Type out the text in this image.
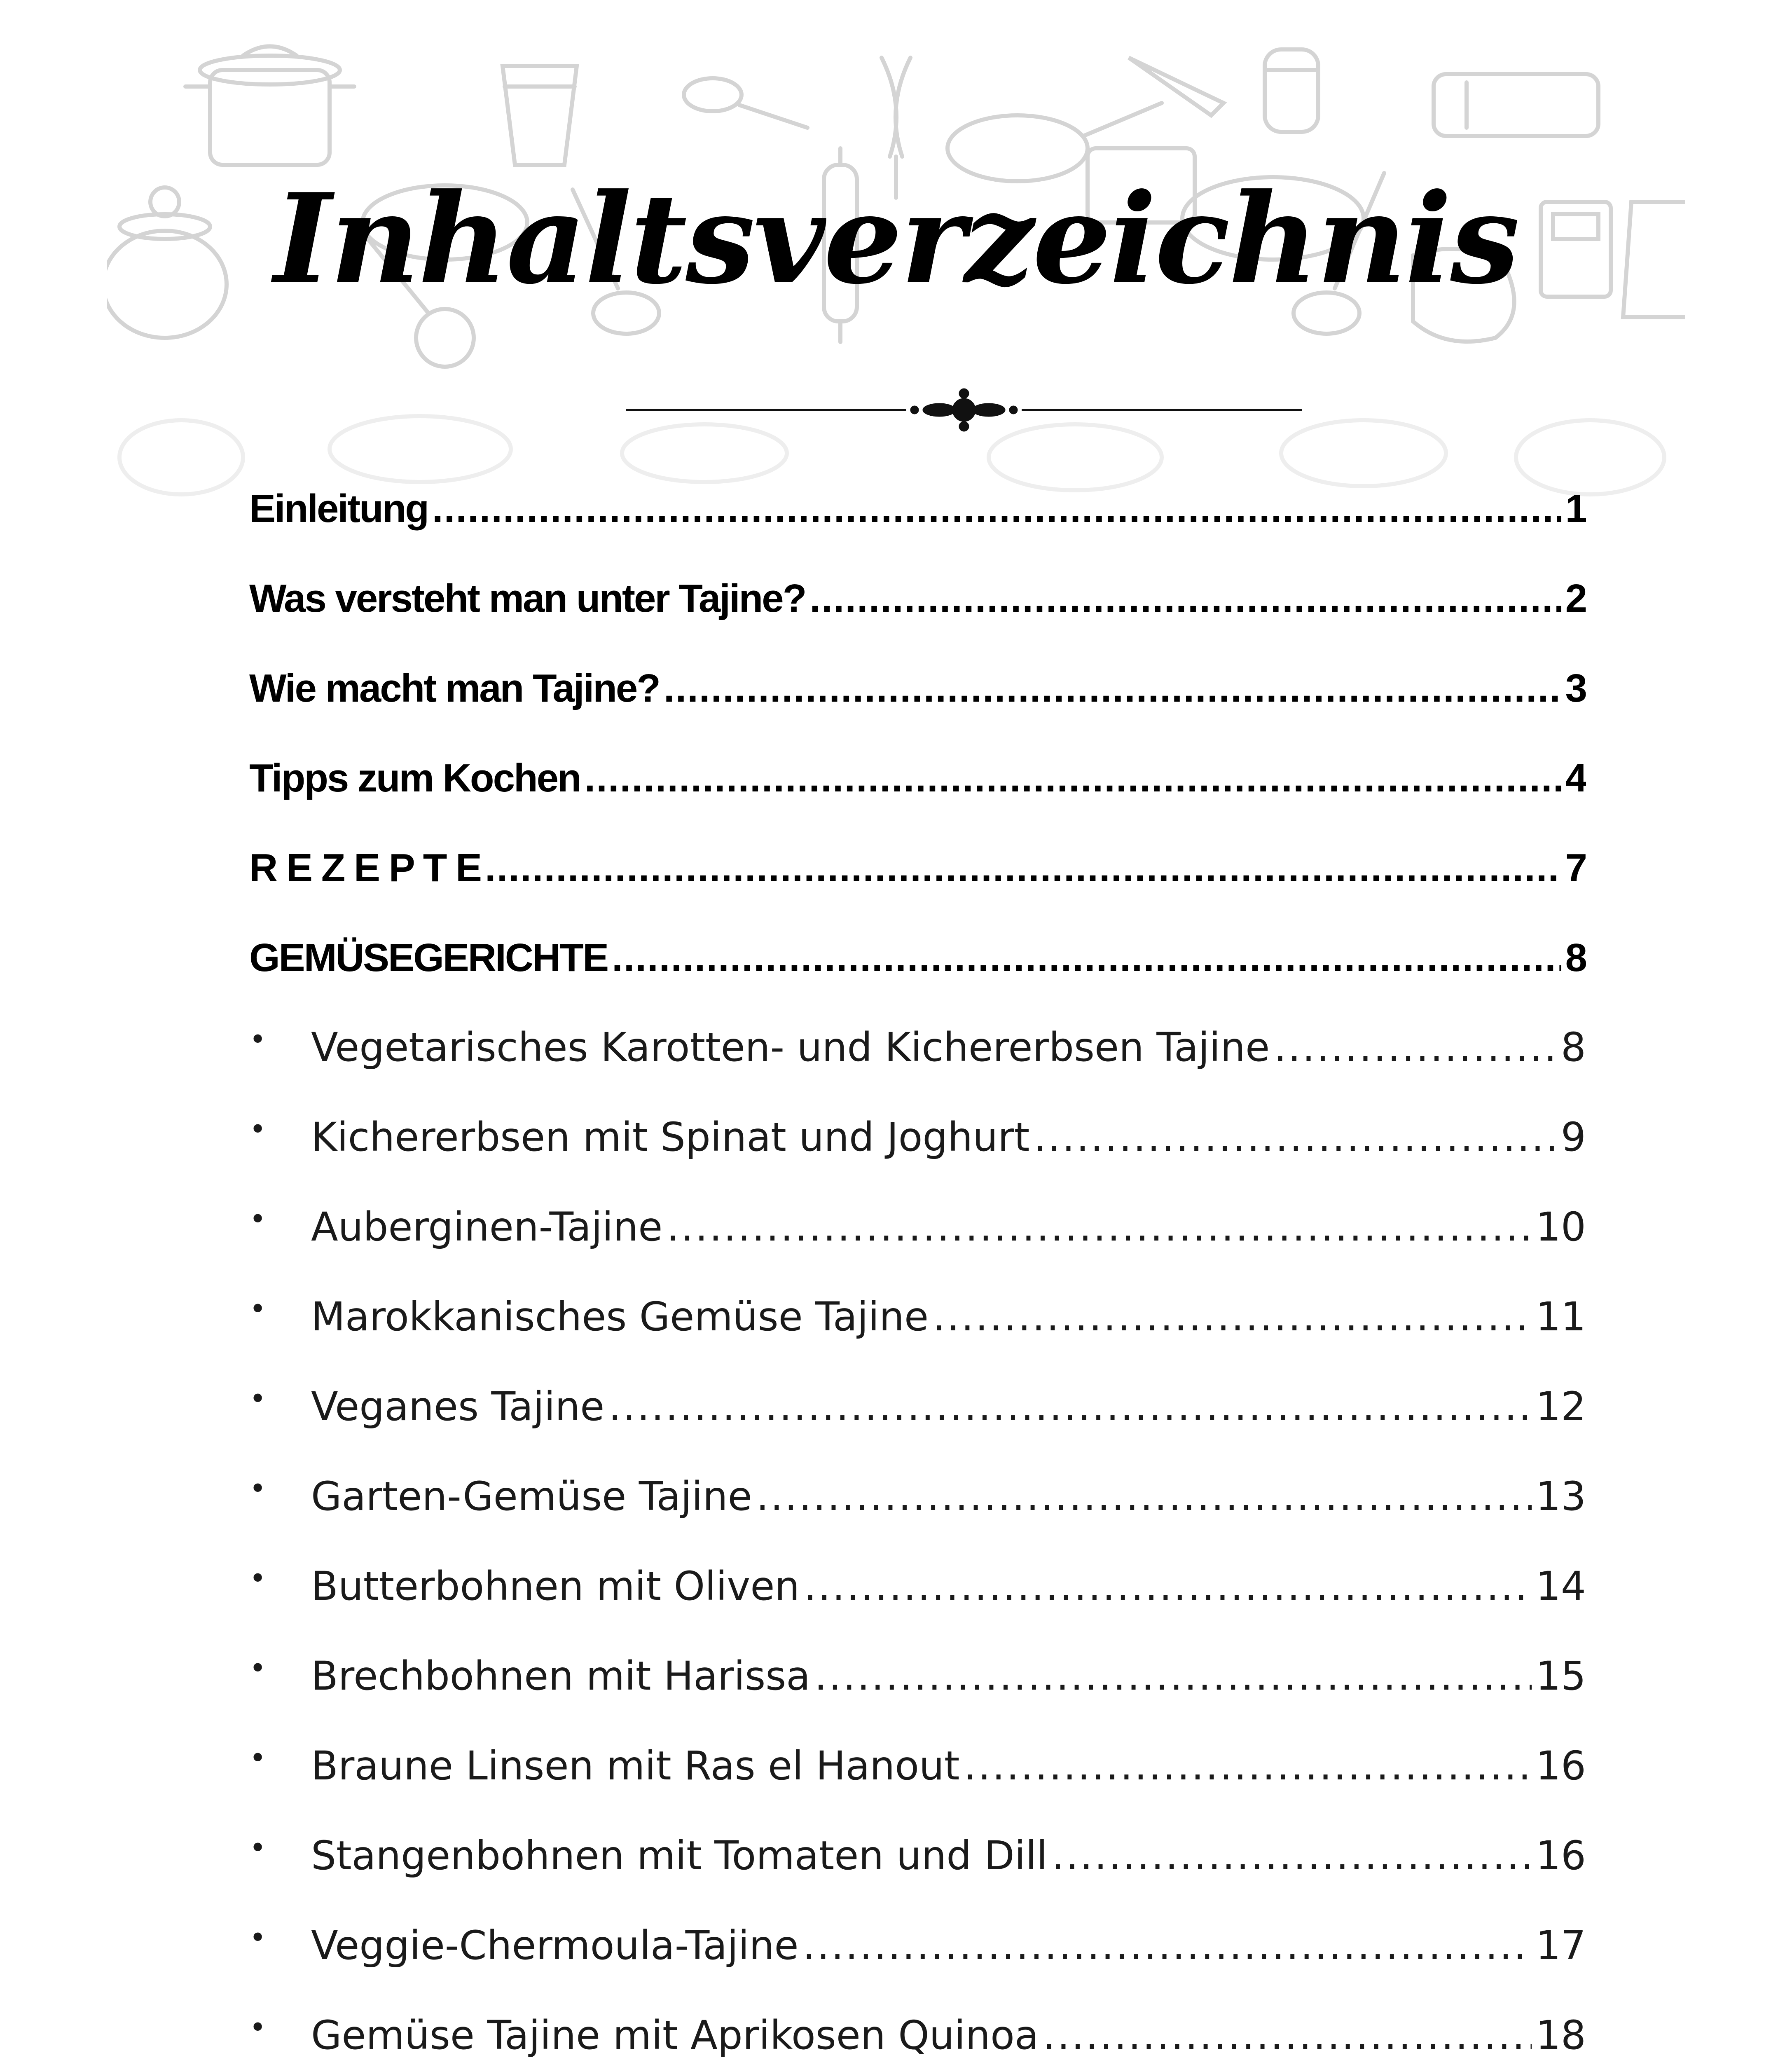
Inhaltsverzeichnis
Einleitung .....	1
Was versteht man unter Tajine? .....	2
Wie macht man Tajine? .....	3
Tipps zum Kochen .....	4
R E Z E P T E .....	7
GEMÜSEGERICHTE .....	8
•	Vegetarisches Karotten- und Kichererbsen Tajine .....	8
•	Kichererbsen mit Spinat und Joghurt .....	9
•	Auberginen-Tajine .....	10
•	Marokkanisches Gemüse Tajine .....	11
•	Veganes Tajine .....	12
•	Garten-Gemüse Tajine .....	13
•	Butterbohnen mit Oliven .....	14
•	Brechbohnen mit Harissa .....	15
•	Braune Linsen mit Ras el Hanout .....	16
•	Stangenbohnen mit Tomaten und Dill .....	16
•	Veggie-Chermoula-Tajine .....	17
•	Gemüse Tajine mit Aprikosen Quinoa .....	18
